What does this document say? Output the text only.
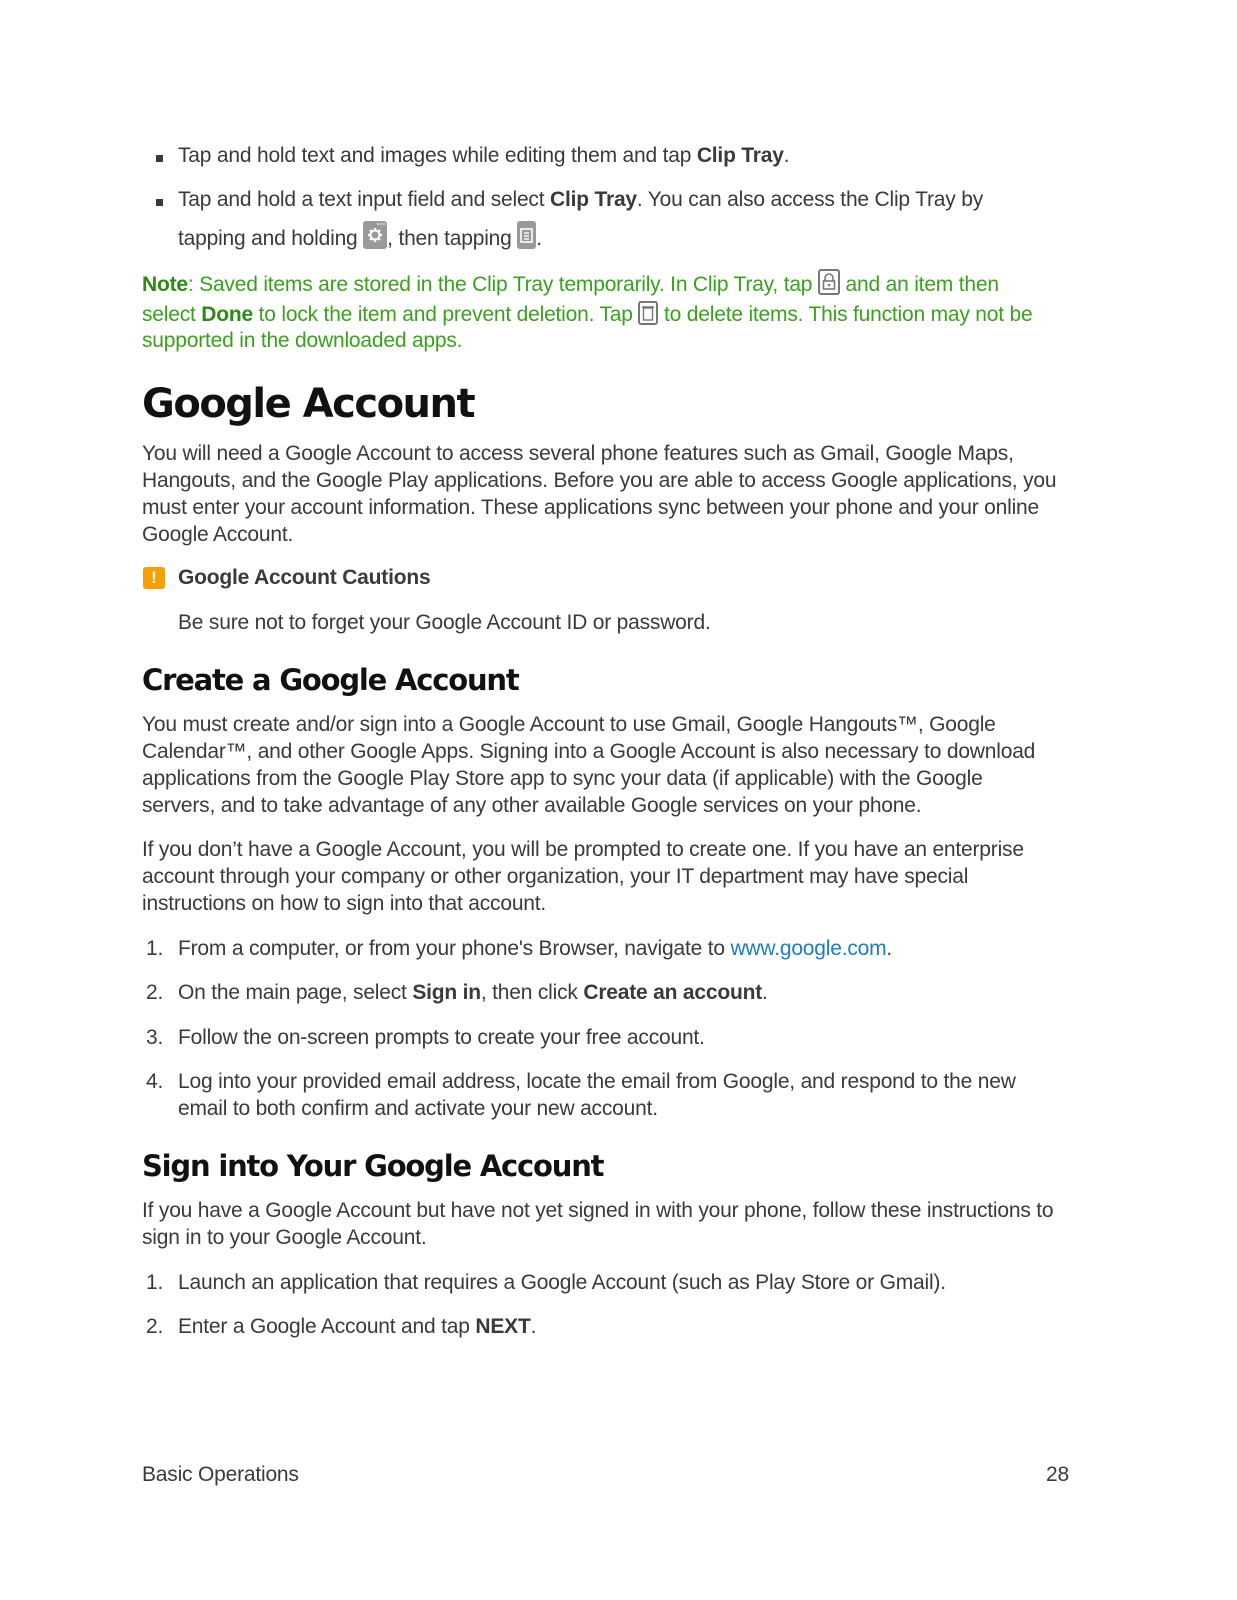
Tap and hold text and images while editing them and tap Clip Tray.

Tap and hold a text input field and select Clip Tray. You can also access the Clip Tray by

tapping and holding , then tapping .

Note: Saved items are stored in the Clip Tray temporarily. In Clip Tray, tap  and an item then

select Done to lock the item and prevent deletion. Tap  to delete items. This function may not be

supported in the downloaded apps.

Google Account

You will need a Google Account to access several phone features such as Gmail, Google Maps,

Hangouts, and the Google Play applications. Before you are able to access Google applications, you

must enter your account information. These applications sync between your phone and your online

Google Account.

!	Google Account Cautions

Be sure not to forget your Google Account ID or password.

Create a Google Account

You must create and/or sign into a Google Account to use Gmail, Google Hangouts™, Google

Calendar™, and other Google Apps. Signing into a Google Account is also necessary to download

applications from the Google Play Store app to sync your data (if applicable) with the Google

servers, and to take advantage of any other available Google services on your phone.

If you don’t have a Google Account, you will be prompted to create one. If you have an enterprise

account through your company or other organization, your IT department may have special

instructions on how to sign into that account.

1. From a computer, or from your phone's Browser, navigate to www.google.com.

2. On the main page, select Sign in, then click Create an account.

3. Follow the on-screen prompts to create your free account.

4. Log into your provided email address, locate the email from Google, and respond to the new

email to both confirm and activate your new account.

Sign into Your Google Account

If you have a Google Account but have not yet signed in with your phone, follow these instructions to

sign in to your Google Account.

1. Launch an application that requires a Google Account (such as Play Store or Gmail).

2. Enter a Google Account and tap NEXT.

Basic Operations	28
